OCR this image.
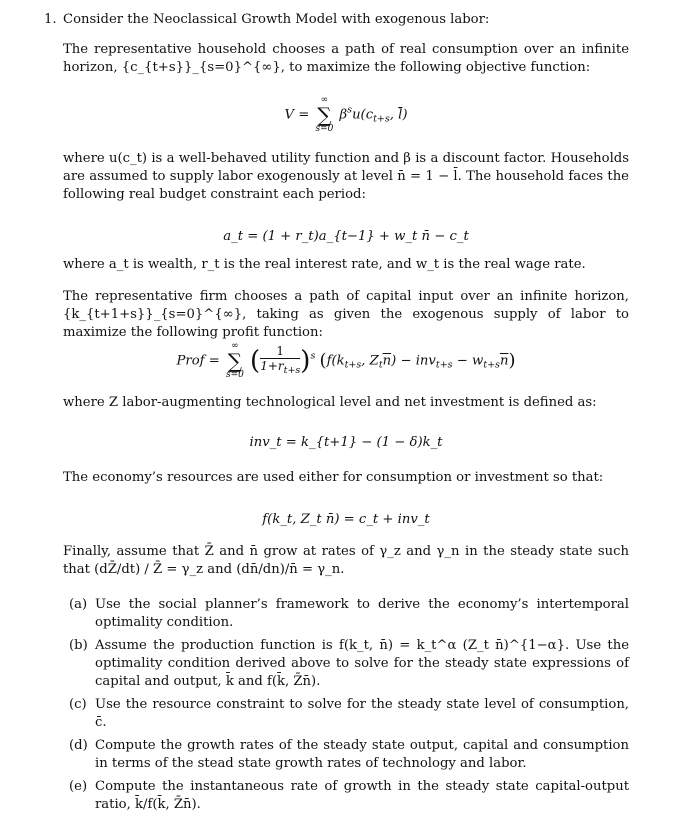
1. Consider the Neoclassical Growth Model with exogenous labor:
The representative household chooses a path of real consumption over an infinite horizon, {c_{t+s}}_{s=0}^{∞}, to maximize the following objective function:
V =
∞
∑
s=0
$\beta^su(c_{t+s}$, $\overline{l}$)
where u(c_t) is a well-behaved utility function and β is a discount factor. Households are assumed to supply labor exogenously at level n̄ = 1 − l̄. The household faces the following real budget constraint each period:
a_t = (1 + r_t)a_{t−1} + w_t n̄ − c_t
where a_t is wealth, r_t is the real interest rate, and w_t is the real wage rate.
The representative firm chooses a path of capital input over an infinite horizon, {k_{t+1+s}}_{s=0}^{∞}, taking as given the exogenous supply of labor to maximize the following profit function:
Prof =
∞
∑
s=0 ( $\frac{1}{1+r_{t+s}} )^s$ ($f(k_{t+s}$, $Z_t\overline{n}) - inv_{t+s} - w_{t+s}\overline{n}$)
where Z labor-augmenting technological level and net investment is defined as:
inv_t = k_{t+1} − (1 − δ)k_t
The economy’s resources are used either for consumption or investment so that:
f(k_t, Z_t n̄) = c_t + inv_t
Finally, assume that Z̄ and n̄ grow at rates of γ_z and γ_n in the steady state such that (dZ̄/dt) / Z̄ = γ_z and (dn̄/dn)/n̄ = γ_n.
(a) Use the social planner’s framework to derive the economy’s intertemporal optimality condition.
(b) Assume the production function is f(k_t, n̄) = k_t^α (Z_t n̄)^{1−α}. Use the optimality condition derived above to solve for the steady state expressions of capital and output, k̄ and f(k̄, Z̄n̄).
(c) Use the resource constraint to solve for the steady state level of consumption, c̄.
(d) Compute the growth rates of the steady state output, capital and consumption in terms of the stead state growth rates of technology and labor.
(e) Compute the instantaneous rate of growth in the steady state capital-output ratio, k̄/f(k̄, Z̄n̄).
